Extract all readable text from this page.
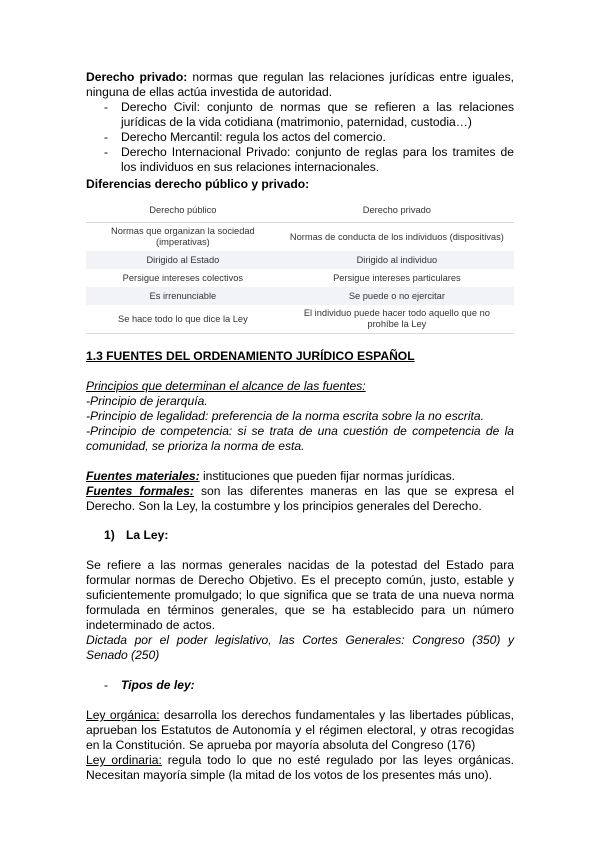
Derecho privado: normas que regulan las relaciones jurídicas entre iguales, ninguna de ellas actúa investida de autoridad.

- Derecho Civil: conjunto de normas que se refieren a las relaciones jurídicas de la vida cotidiana (matrimonio, paternidad, custodia…)
- Derecho Mercantil: regula los actos del comercio.
- Derecho Internacional Privado: conjunto de reglas para los tramites de los individuos en sus relaciones internacionales.

Diferencias derecho público y privado:

Derecho público	Derecho privado
Normas que organizan la sociedad (imperativas)	Normas de conducta de los individuos (dispositivas)
Dirigido al Estado	Dirigido al individuo
Persigue intereses colectivos	Persigue intereses particulares
Es irrenunciable	Se puede o no ejercitar
Se hace todo lo que dice la Ley	El individuo puede hacer todo aquello que no prohíbe la Ley

1.3 FUENTES DEL ORDENAMIENTO JURÍDICO ESPAÑOL

Principios que determinan el alcance de las fuentes:

-Principio de jerarquía.

-Principio de legalidad: preferencia de la norma escrita sobre la no escrita.

-Principio de competencia: si se trata de una cuestión de competencia de la comunidad, se prioriza la norma de esta.

Fuentes materiales: instituciones que pueden fijar normas jurídicas.

Fuentes formales: son las diferentes maneras en las que se expresa el Derecho. Son la Ley, la costumbre y los principios generales del Derecho.

1) La Ley:

Se refiere a las normas generales nacidas de la potestad del Estado para formular normas de Derecho Objetivo. Es el precepto común, justo, estable y suficientemente promulgado; lo que significa que se trata de una nueva norma formulada en términos generales, que se ha establecido para un número indeterminado de actos.

Dictada por el poder legislativo, las Cortes Generales: Congreso (350) y Senado (250)

- Tipos de ley:

Ley orgánica: desarrolla los derechos fundamentales y las libertades públicas, aprueban los Estatutos de Autonomía y el régimen electoral, y otras recogidas en la Constitución. Se aprueba por mayoría absoluta del Congreso (176)

Ley ordinaria: regula todo lo que no esté regulado por las leyes orgánicas. Necesitan mayoría simple (la mitad de los votos de los presentes más uno).
